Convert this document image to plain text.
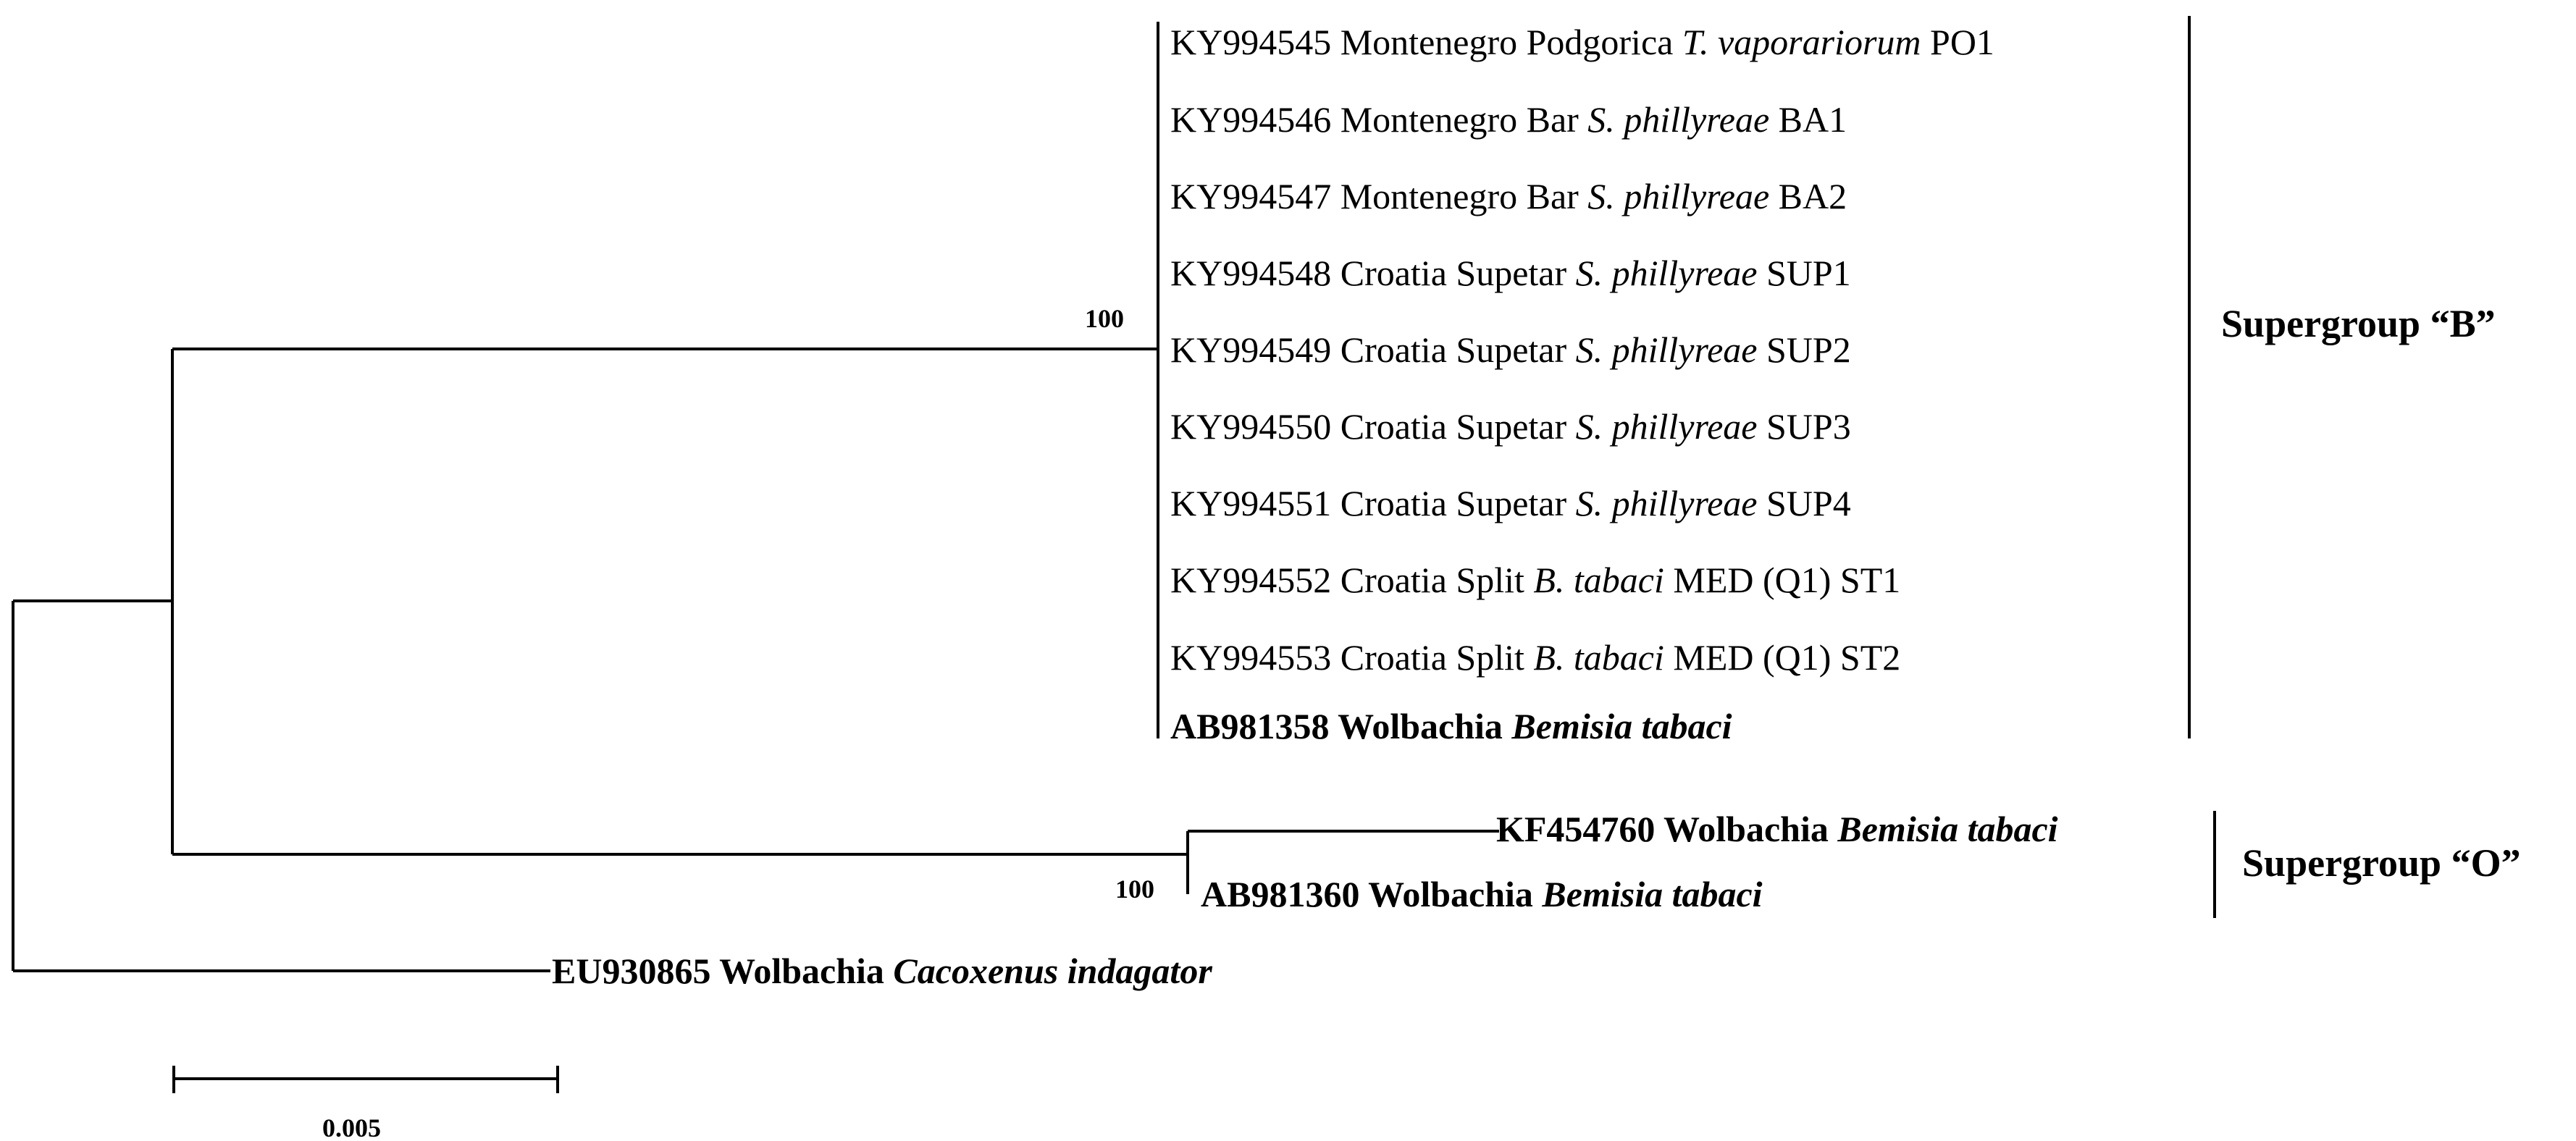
KY994545 Montenegro Podgorica T. vaporariorum PO1
KY994546 Montenegro Bar S. phillyreae BA1
KY994547 Montenegro Bar S. phillyreae BA2
KY994548 Croatia Supetar S. phillyreae SUP1
KY994549 Croatia Supetar S. phillyreae SUP2
KY994550 Croatia Supetar S. phillyreae SUP3
KY994551 Croatia Supetar S. phillyreae SUP4
KY994552 Croatia Split B. tabaci MED (Q1) ST1
KY994553 Croatia Split B. tabaci MED (Q1) ST2
AB981358 Wolbachia Bemisia tabaci
KF454760 Wolbachia Bemisia tabaci
AB981360 Wolbachia Bemisia tabaci
EU930865 Wolbachia Cacoxenus indagator
100
100
Supergroup “B”
Supergroup “O”
0.005
